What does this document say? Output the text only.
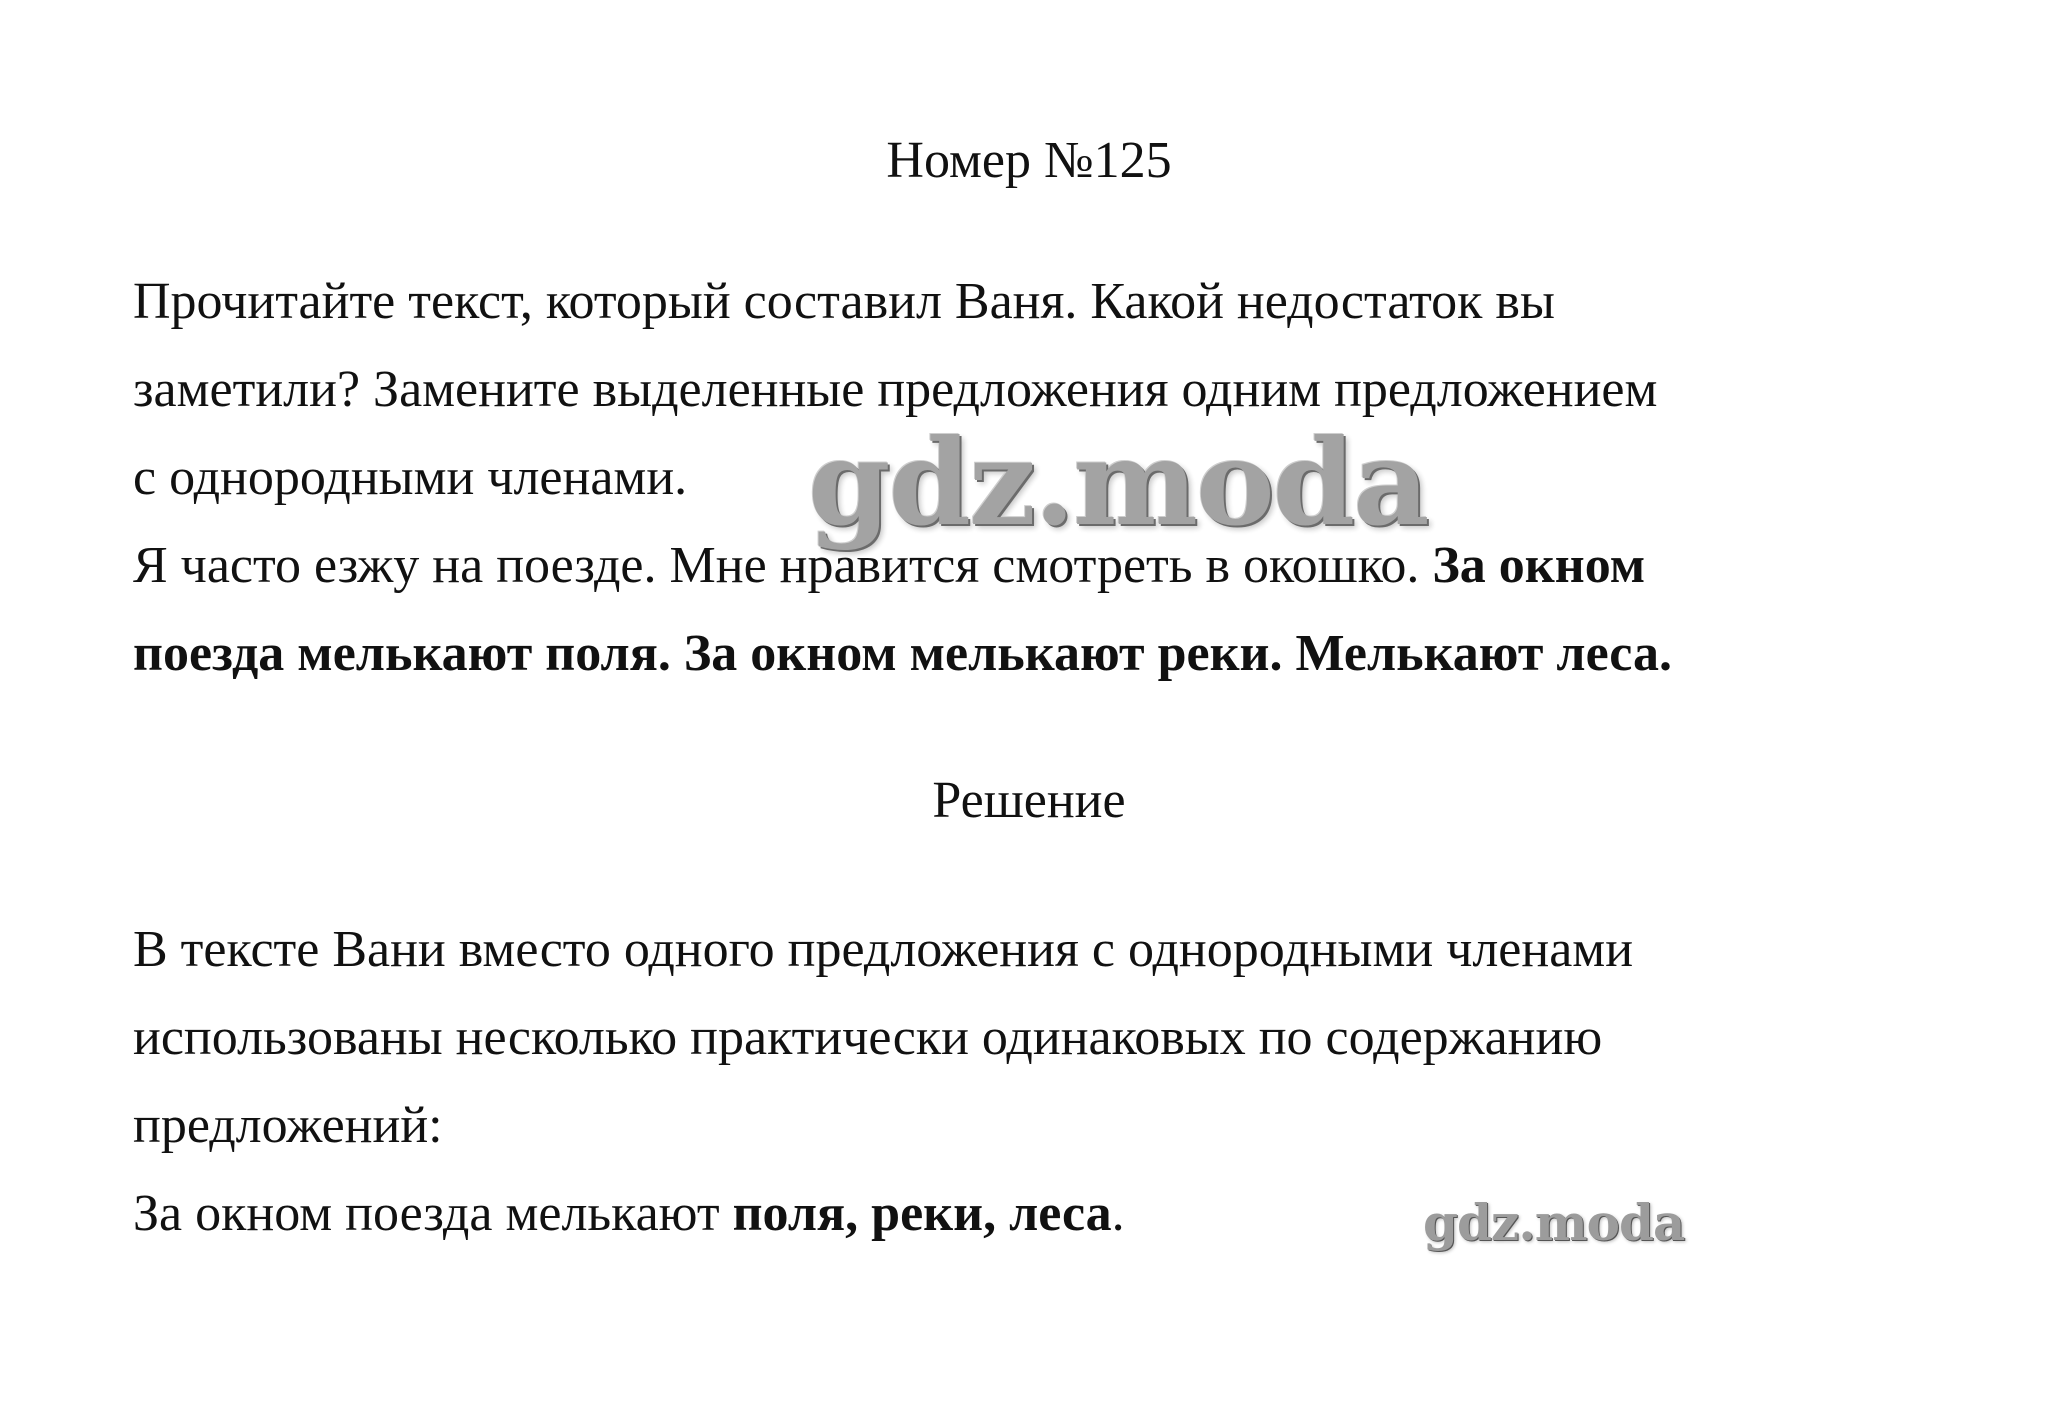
Номер №125
Прочитайте текст, который составил Ваня. Какой недостаток вы
заметили? Замените выделенные предложения одним предложением
с однородными членами.
Я часто езжу на поезде. Мне нравится смотреть в окошко. За окном
поезда мелькают поля. За окном мелькают реки. Мелькают леса.
Решение
В тексте Вани вместо одного предложения с однородными членами
использованы несколько практически одинаковых по содержанию
предложений:
За окном поезда мелькают поля, реки, леса.
gdz.moda
gdz.moda
